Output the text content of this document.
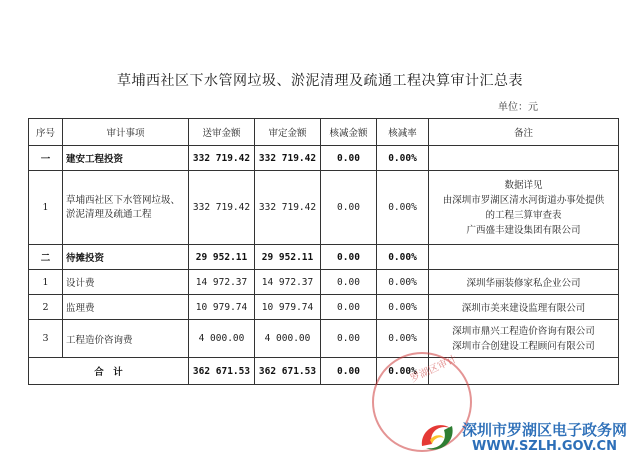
草埔西社区下水管网垃圾、淤泥清理及疏通工程决算审计汇总表
单位：元
序号	审计事项	送审金额	审定金额	核减金额	核减率	备注
一	建安工程投资	332 719.42	332 719.42	0.00	0.00%	
1	草埔西社区下水管网垃圾、淤泥清理及疏通工程	332 719.42	332 719.42	0.00	0.00%	数据详见
由深圳市罗湖区清水河街道办事处提供
的工程三算审查表
广西盛丰建设集团有限公司

二	待摊投资	29 952.11	29 952.11	0.00	0.00%	
1	设计费	14 972.37	14 972.37	0.00	0.00%	深圳华丽装修家私企业公司
2	监理费	10 979.74	10 979.74	0.00	0.00%	深圳市美来建设监理有限公司
3	工程造价咨询费	4 000.00	4 000.00	0.00	0.00%	深圳市鼎兴工程造价咨询有限公司
深圳市合创建设工程顾问有限公司

合　计		362 671.53	362 671.53	0.00	0.00%	
罗湖区审计
深圳市罗湖区电子政务网
WWW.SZLH.GOV.CN
